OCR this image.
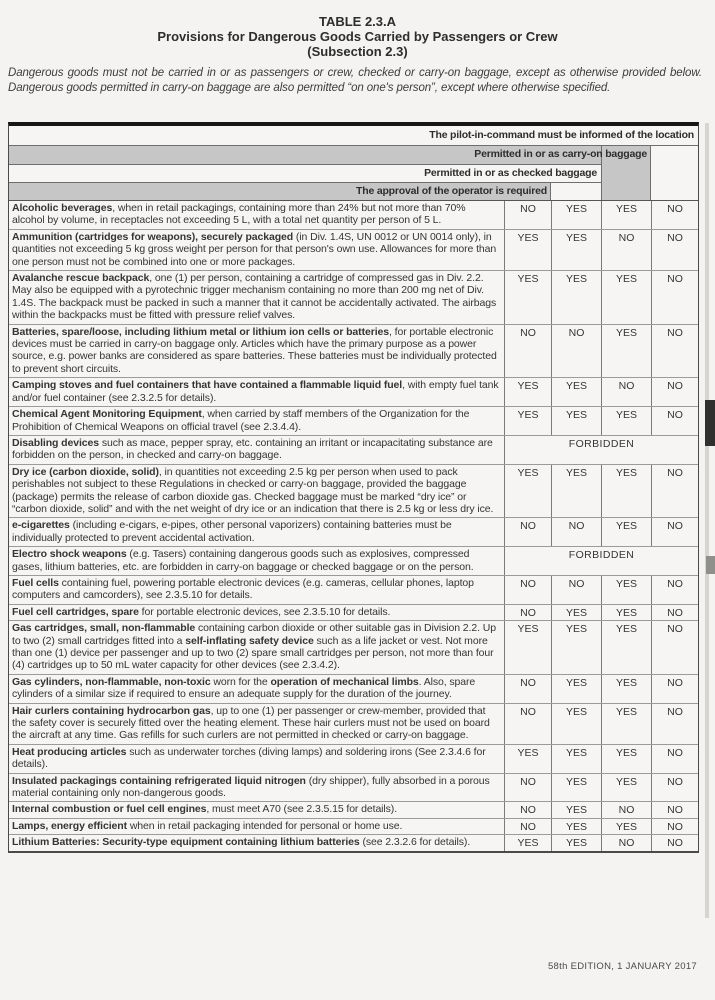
TABLE 2.3.A
Provisions for Dangerous Goods Carried by Passengers or Crew
(Subsection 2.3)

Dangerous goods must not be carried in or as passengers or crew, checked or carry-on baggage, except as otherwise provided below. Dangerous goods permitted in carry-on baggage are also permitted “on one's person”, except where otherwise specified.

The pilot-in-command must be informed of the location
Permitted in or as carry-on baggage
Permitted in or as checked baggage
The approval of the operator is required
Alcoholic beverages, when in retail packagings, containing more than 24% but not more than 70% alcohol by volume, in receptacles not exceeding 5 L, with a total net quantity per person of 5 L.
NO	YES	YES	NO
Ammunition (cartridges for weapons), securely packaged (in Div. 1.4S, UN 0012 or UN 0014 only), in quantities not exceeding 5 kg gross weight per person for that person's own use. Allowances for more than one person must not be combined into one or more packages.
YES	YES	NO	NO
Avalanche rescue backpack, one (1) per person, containing a cartridge of compressed gas in Div. 2.2. May also be equipped with a pyrotechnic trigger mechanism containing no more than 200 mg net of Div. 1.4S. The backpack must be packed in such a manner that it cannot be accidentally activated. The airbags within the backpacks must be fitted with pressure relief valves.
YES	YES	YES	NO
Batteries, spare/loose, including lithium metal or lithium ion cells or batteries, for portable electronic devices must be carried in carry-on baggage only. Articles which have the primary purpose as a power source, e.g. power banks are considered as spare batteries. These batteries must be individually protected to prevent short circuits.
NO	NO	YES	NO
Camping stoves and fuel containers that have contained a flammable liquid fuel, with empty fuel tank and/or fuel container (see 2.3.2.5 for details).
YES	YES	NO	NO
Chemical Agent Monitoring Equipment, when carried by staff members of the Organization for the Prohibition of Chemical Weapons on official travel (see 2.3.4.4).
YES	YES	YES	NO
Disabling devices such as mace, pepper spray, etc. containing an irritant or incapacitating substance are forbidden on the person, in checked and carry-on baggage.
FORBIDDEN
Dry ice (carbon dioxide, solid), in quantities not exceeding 2.5 kg per person when used to pack perishables not subject to these Regulations in checked or carry-on baggage, provided the baggage (package) permits the release of carbon dioxide gas. Checked baggage must be marked “dry ice” or “carbon dioxide, solid” and with the net weight of dry ice or an indication that there is 2.5 kg or less dry ice.
YES	YES	YES	NO
e-cigarettes (including e-cigars, e-pipes, other personal vaporizers) containing batteries must be individually protected to prevent accidental activation.
NO	NO	YES	NO
Electro shock weapons (e.g. Tasers) containing dangerous goods such as explosives, compressed gases, lithium batteries, etc. are forbidden in carry-on baggage or checked baggage or on the person.
FORBIDDEN
Fuel cells containing fuel, powering portable electronic devices (e.g. cameras, cellular phones, laptop computers and camcorders), see 2.3.5.10 for details.
NO	NO	YES	NO
Fuel cell cartridges, spare for portable electronic devices, see 2.3.5.10 for details.	NO	YES	YES	NO
Gas cartridges, small, non-flammable containing carbon dioxide or other suitable gas in Division 2.2. Up to two (2) small cartridges fitted into a self-inflating safety device such as a life jacket or vest. Not more than one (1) device per passenger and up to two (2) spare small cartridges per person, not more than four (4) cartridges up to 50 mL water capacity for other devices (see 2.3.4.2).
YES	YES	YES	NO
Gas cylinders, non-flammable, non-toxic worn for the operation of mechanical limbs. Also, spare cylinders of a similar size if required to ensure an adequate supply for the duration of the journey.
NO	YES	YES	NO
Hair curlers containing hydrocarbon gas, up to one (1) per passenger or crew-member, provided that the safety cover is securely fitted over the heating element. These hair curlers must not be used on board the aircraft at any time. Gas refills for such curlers are not permitted in checked or carry-on baggage.
NO	YES	YES	NO
Heat producing articles such as underwater torches (diving lamps) and soldering irons (See 2.3.4.6 for details).
YES	YES	YES	NO
Insulated packagings containing refrigerated liquid nitrogen (dry shipper), fully absorbed in a porous material containing only non-dangerous goods.
NO	YES	YES	NO
Internal combustion or fuel cell engines, must meet A70 (see 2.3.5.15 for details).	NO	YES	NO	NO
Lamps, energy efficient when in retail packaging intended for personal or home use.	NO	YES	YES	NO
Lithium Batteries: Security-type equipment containing lithium batteries (see 2.3.2.6 for details).	YES	YES	NO	NO
58th EDITION, 1 JANUARY 2017
